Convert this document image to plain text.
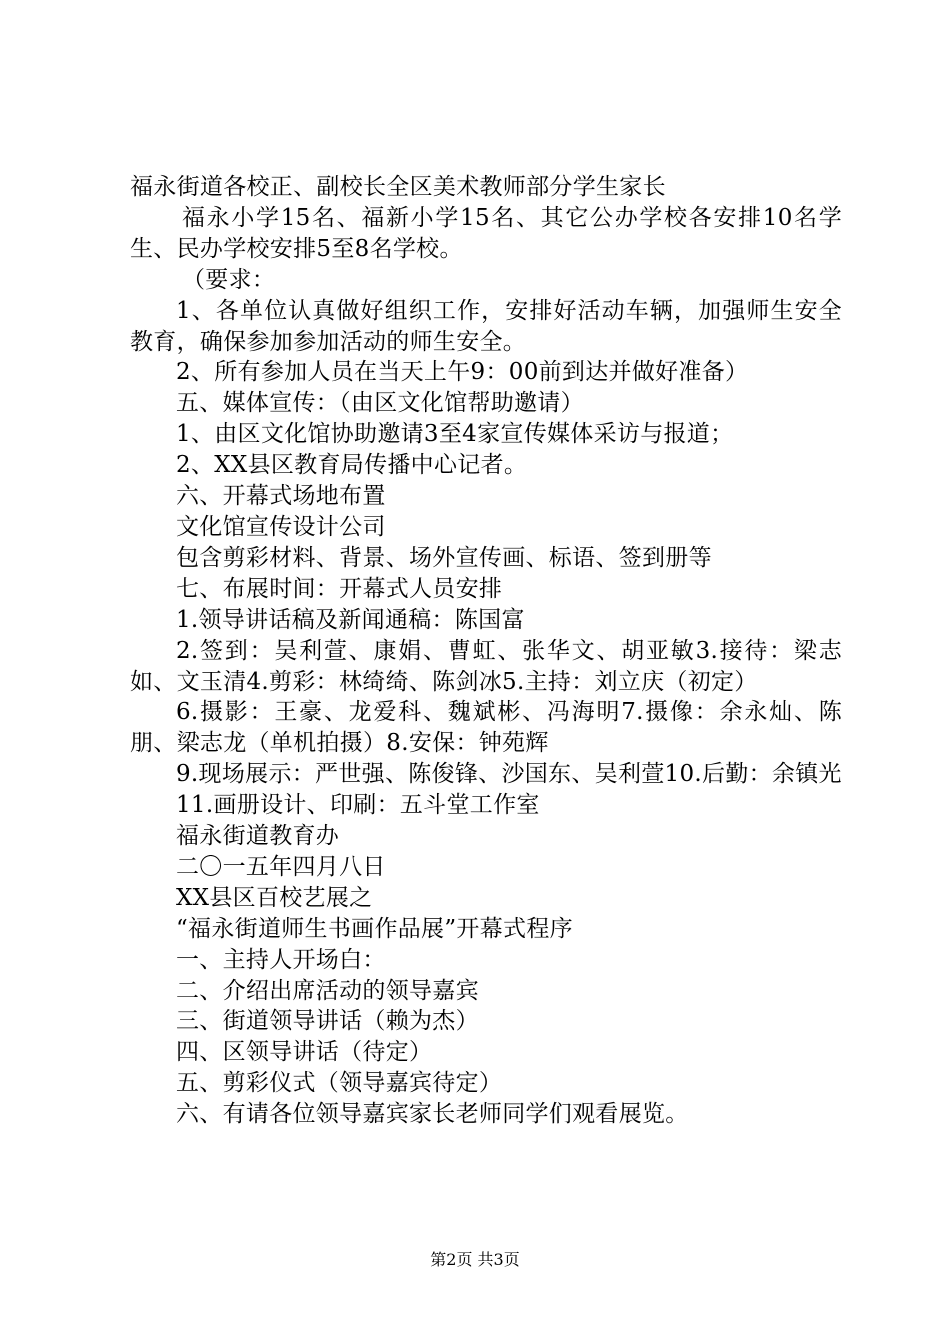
福永街道各校正、副校长全区美术教师部分学生家长

福永小学15名、福新小学15名、其它公办学校各安排10名学生、民办学校安排5至8名学校。

（要求：

1、各单位认真做好组织工作，安排好活动车辆，加强师生安全教育，确保参加参加活动的师生安全。

2、所有参加人员在当天上午9：00前到达并做好准备）

五、媒体宣传：（由区文化馆帮助邀请）

1、由区文化馆协助邀请3至4家宣传媒体采访与报道；

2、XX县区教育局传播中心记者。

六、开幕式场地布置

文化馆宣传设计公司

包含剪彩材料、背景、场外宣传画、标语、签到册等

七、布展时间：开幕式人员安排

1.领导讲话稿及新闻通稿：陈国富

2.签到：吴利萱、康娟、曹虹、张华文、胡亚敏3.接待：梁志如、文玉清4.剪彩：林绮绮、陈剑冰5.主持：刘立庆（初定）

6.摄影：王豪、龙爱科、魏斌彬、冯海明7.摄像：余永灿、陈朋、梁志龙（单机拍摄）8.安保：钟苑辉

9.现场展示：严世强、陈俊锋、沙国东、吴利萱10.后勤：余镇光

11.画册设计、印刷：五斗堂工作室

福永街道教育办

二〇一五年四月八日

XX县区百校艺展之

“福永街道师生书画作品展”开幕式程序

一、主持人开场白：

二、介绍出席活动的领导嘉宾

三、街道领导讲话（赖为杰）

四、区领导讲话（待定）

五、剪彩仪式（领导嘉宾待定）

六、有请各位领导嘉宾家长老师同学们观看展览。

第2页 共3页
